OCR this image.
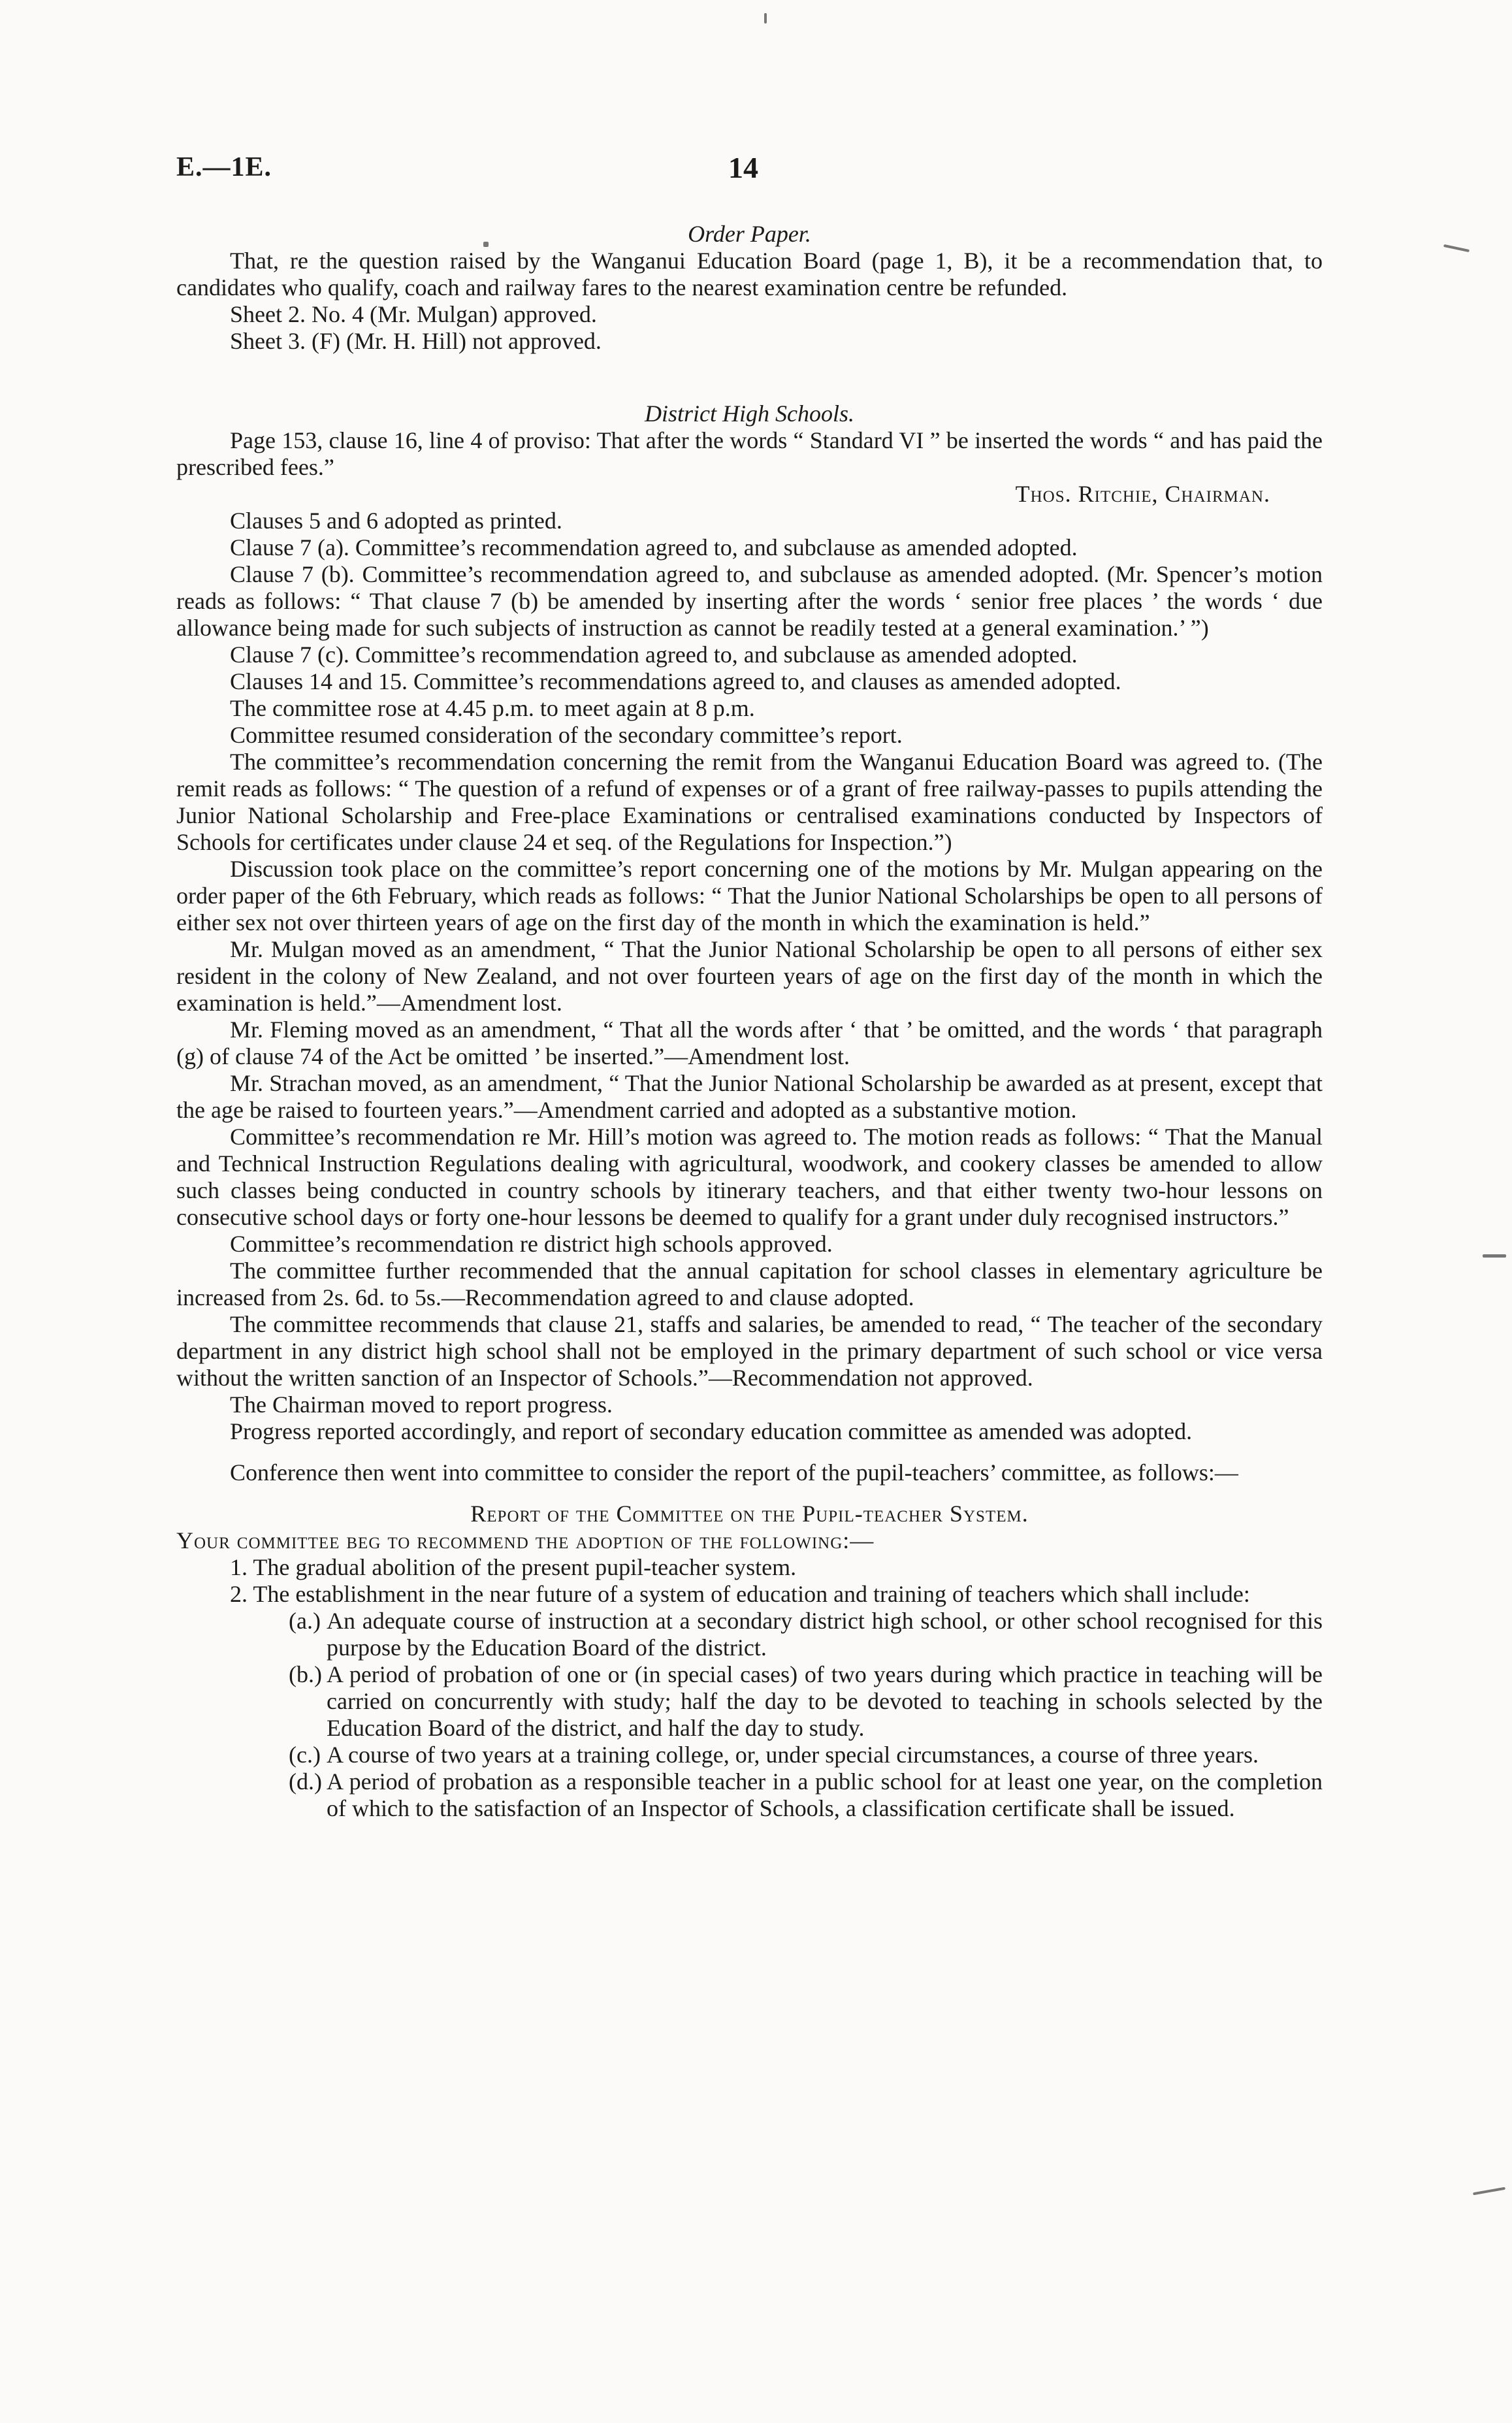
E.—1E.	14

Order Paper.

That, re the question raised by the Wanganui Education Board (page 1, B), it be a recommendation that, to candidates who qualify, coach and railway fares to the nearest examination centre be refunded.

Sheet 2. No. 4 (Mr. Mulgan) approved.

Sheet 3. (F) (Mr. H. Hill) not approved.

District High Schools.

Page 153, clause 16, line 4 of proviso: That after the words “ Standard VI ” be inserted the words “ and has paid the prescribed fees.”

Thos. Ritchie, Chairman.

Clauses 5 and 6 adopted as printed.

Clause 7 (a). Committee’s recommendation agreed to, and subclause as amended adopted.

Clause 7 (b). Committee’s recommendation agreed to, and subclause as amended adopted. (Mr. Spencer’s motion reads as follows: “ That clause 7 (b) be amended by inserting after the words ‘ senior free places ’ the words ‘ due allowance being made for such subjects of instruction as cannot be readily tested at a general examination.’ ”)

Clause 7 (c). Committee’s recommendation agreed to, and subclause as amended adopted.

Clauses 14 and 15. Committee’s recommendations agreed to, and clauses as amended adopted.

The committee rose at 4.45 p.m. to meet again at 8 p.m.

Committee resumed consideration of the secondary committee’s report.

The committee’s recommendation concerning the remit from the Wanganui Education Board was agreed to. (The remit reads as follows: “ The question of a refund of expenses or of a grant of free railway-passes to pupils attending the Junior National Scholarship and Free-place Examinations or centralised examinations conducted by Inspectors of Schools for certificates under clause 24 et seq. of the Regulations for Inspection.”)

Discussion took place on the committee’s report concerning one of the motions by Mr. Mulgan appearing on the order paper of the 6th February, which reads as follows: “ That the Junior National Scholarships be open to all persons of either sex not over thirteen years of age on the first day of the month in which the examination is held.”

Mr. Mulgan moved as an amendment, “ That the Junior National Scholarship be open to all persons of either sex resident in the colony of New Zealand, and not over fourteen years of age on the first day of the month in which the examination is held.”—Amendment lost.

Mr. Fleming moved as an amendment, “ That all the words after ‘ that ’ be omitted, and the words ‘ that paragraph (g) of clause 74 of the Act be omitted ’ be inserted.”—Amendment lost.

Mr. Strachan moved, as an amendment, “ That the Junior National Scholarship be awarded as at present, except that the age be raised to fourteen years.”—Amendment carried and adopted as a substantive motion.

Committee’s recommendation re Mr. Hill’s motion was agreed to. The motion reads as follows: “ That the Manual and Technical Instruction Regulations dealing with agricultural, woodwork, and cookery classes be amended to allow such classes being conducted in country schools by itinerary teachers, and that either twenty two-hour lessons on consecutive school days or forty one-hour lessons be deemed to qualify for a grant under duly recognised instructors.”

Committee’s recommendation re district high schools approved.

The committee further recommended that the annual capitation for school classes in elementary agriculture be increased from 2s. 6d. to 5s.—Recommendation agreed to and clause adopted.

The committee recommends that clause 21, staffs and salaries, be amended to read, “ The teacher of the secondary department in any district high school shall not be employed in the primary department of such school or vice versa without the written sanction of an Inspector of Schools.”—Recommendation not approved.

The Chairman moved to report progress.

Progress reported accordingly, and report of secondary education committee as amended was adopted.

Conference then went into committee to consider the report of the pupil-teachers’ committee, as follows:—

Report of the Committee on the Pupil-teacher System.

Your committee beg to recommend the adoption of the following:—

1. The gradual abolition of the present pupil-teacher system.

2. The establishment in the near future of a system of education and training of teachers which shall include:

(a.) An adequate course of instruction at a secondary district high school, or other school recognised for this purpose by the Education Board of the district.
(b.) A period of probation of one or (in special cases) of two years during which practice in teaching will be carried on concurrently with study; half the day to be devoted to teaching in schools selected by the Education Board of the district, and half the day to study.
(c.) A course of two years at a training college, or, under special circumstances, a course of three years.
(d.) A period of probation as a responsible teacher in a public school for at least one year, on the completion of which to the satisfaction of an Inspector of Schools, a classification certificate shall be issued.
